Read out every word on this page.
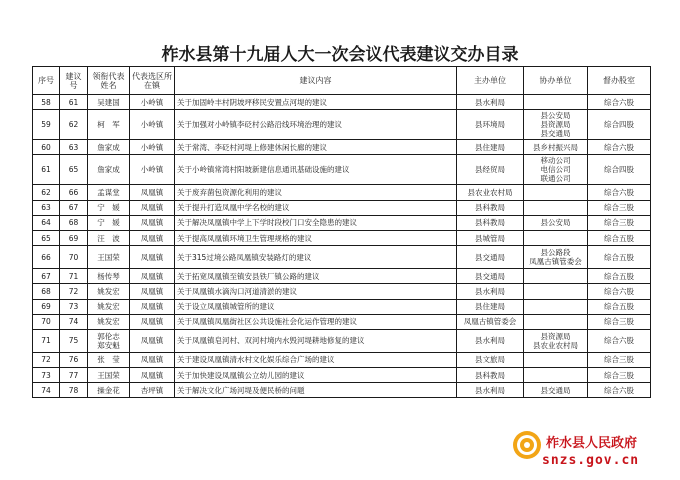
柞水县第十九届人大一次会议代表建议交办目录
序号	建议号	领衔代表姓名	代表选区所在镇	建议内容	主办单位	协办单位	督办股室
58	61	吴建国	小岭镇	关于加固岭丰村阴坡坪移民安置点河堤的建议	县水利局		综合六股
59	62	柯　军	小岭镇	关于加强对小岭镇李砭村公路沿线环境治理的建议	县环境局	县公安局
县资源局
县交通局	综合四股
60	63	詹家成	小岭镇	关于常湾、李砭村河堤上修建休闲长廊的建议	县住建局	县乡村振兴局	综合六股
61	65	詹家成	小岭镇	关于小岭镇常湾村阳坡新建信息通讯基础设施的建议	县经贸局	移动公司
电信公司
联通公司	综合四股
62	66	孟谋堂	凤凰镇	关于废弃菌包资源化利用的建议	县农业农村局		综合六股
63	67	宁　媛	凤凰镇	关于提升打造凤凰中学名校的建议	县科教局		综合三股
64	68	宁　媛	凤凰镇	关于解决凤凰镇中学上下学时段校门口安全隐患的建议	县科教局	县公安局	综合三股
65	69	汪　波	凤凰镇	关于提高凤凰镇环境卫生管理规格的建议	县城管局		综合五股
66	70	王国荣	凤凰镇	关于315过境公路凤凰镇安装路灯的建议	县交通局	县公路段
凤凰古镇管委会	综合五股
67	71	杨传琴	凤凰镇	关于拓宽凤凰镇至镇安县铁厂镇公路的建议	县交通局		综合五股
68	72	姚发宏	凤凰镇	关于凤凰镇水滴沟口河道清淤的建议	县水利局		综合六股
69	73	姚发宏	凤凰镇	关于设立凤凰镇城管所的建议	县住建局		综合五股
70	74	姚发宏	凤凰镇	关于凤凰镇凤凰街社区公共设施社会化运作管理的建议	凤凰古镇管委会		综合三股
71	75	郭伦志
郑安魁	凤凰镇	关于凤凰镇皂河村、双河村境内水毁河堤耕地修复的建议	县水利局	县资源局
县农业农村局	综合六股
72	76	张　莹	凤凰镇	关于建设凤凰镇清水村文化娱乐综合广场的建议	县文旅局		综合三股
73	77	王国荣	凤凰镇	关于加快建设凤凰镇公立幼儿园的建议	县科教局		综合三股
74	78	操金花	杏坪镇	关于解决文化广场河堤及便民桥的问题	县水利局	县交通局	综合六股
柞水县人民政府
snzs.gov.cn
